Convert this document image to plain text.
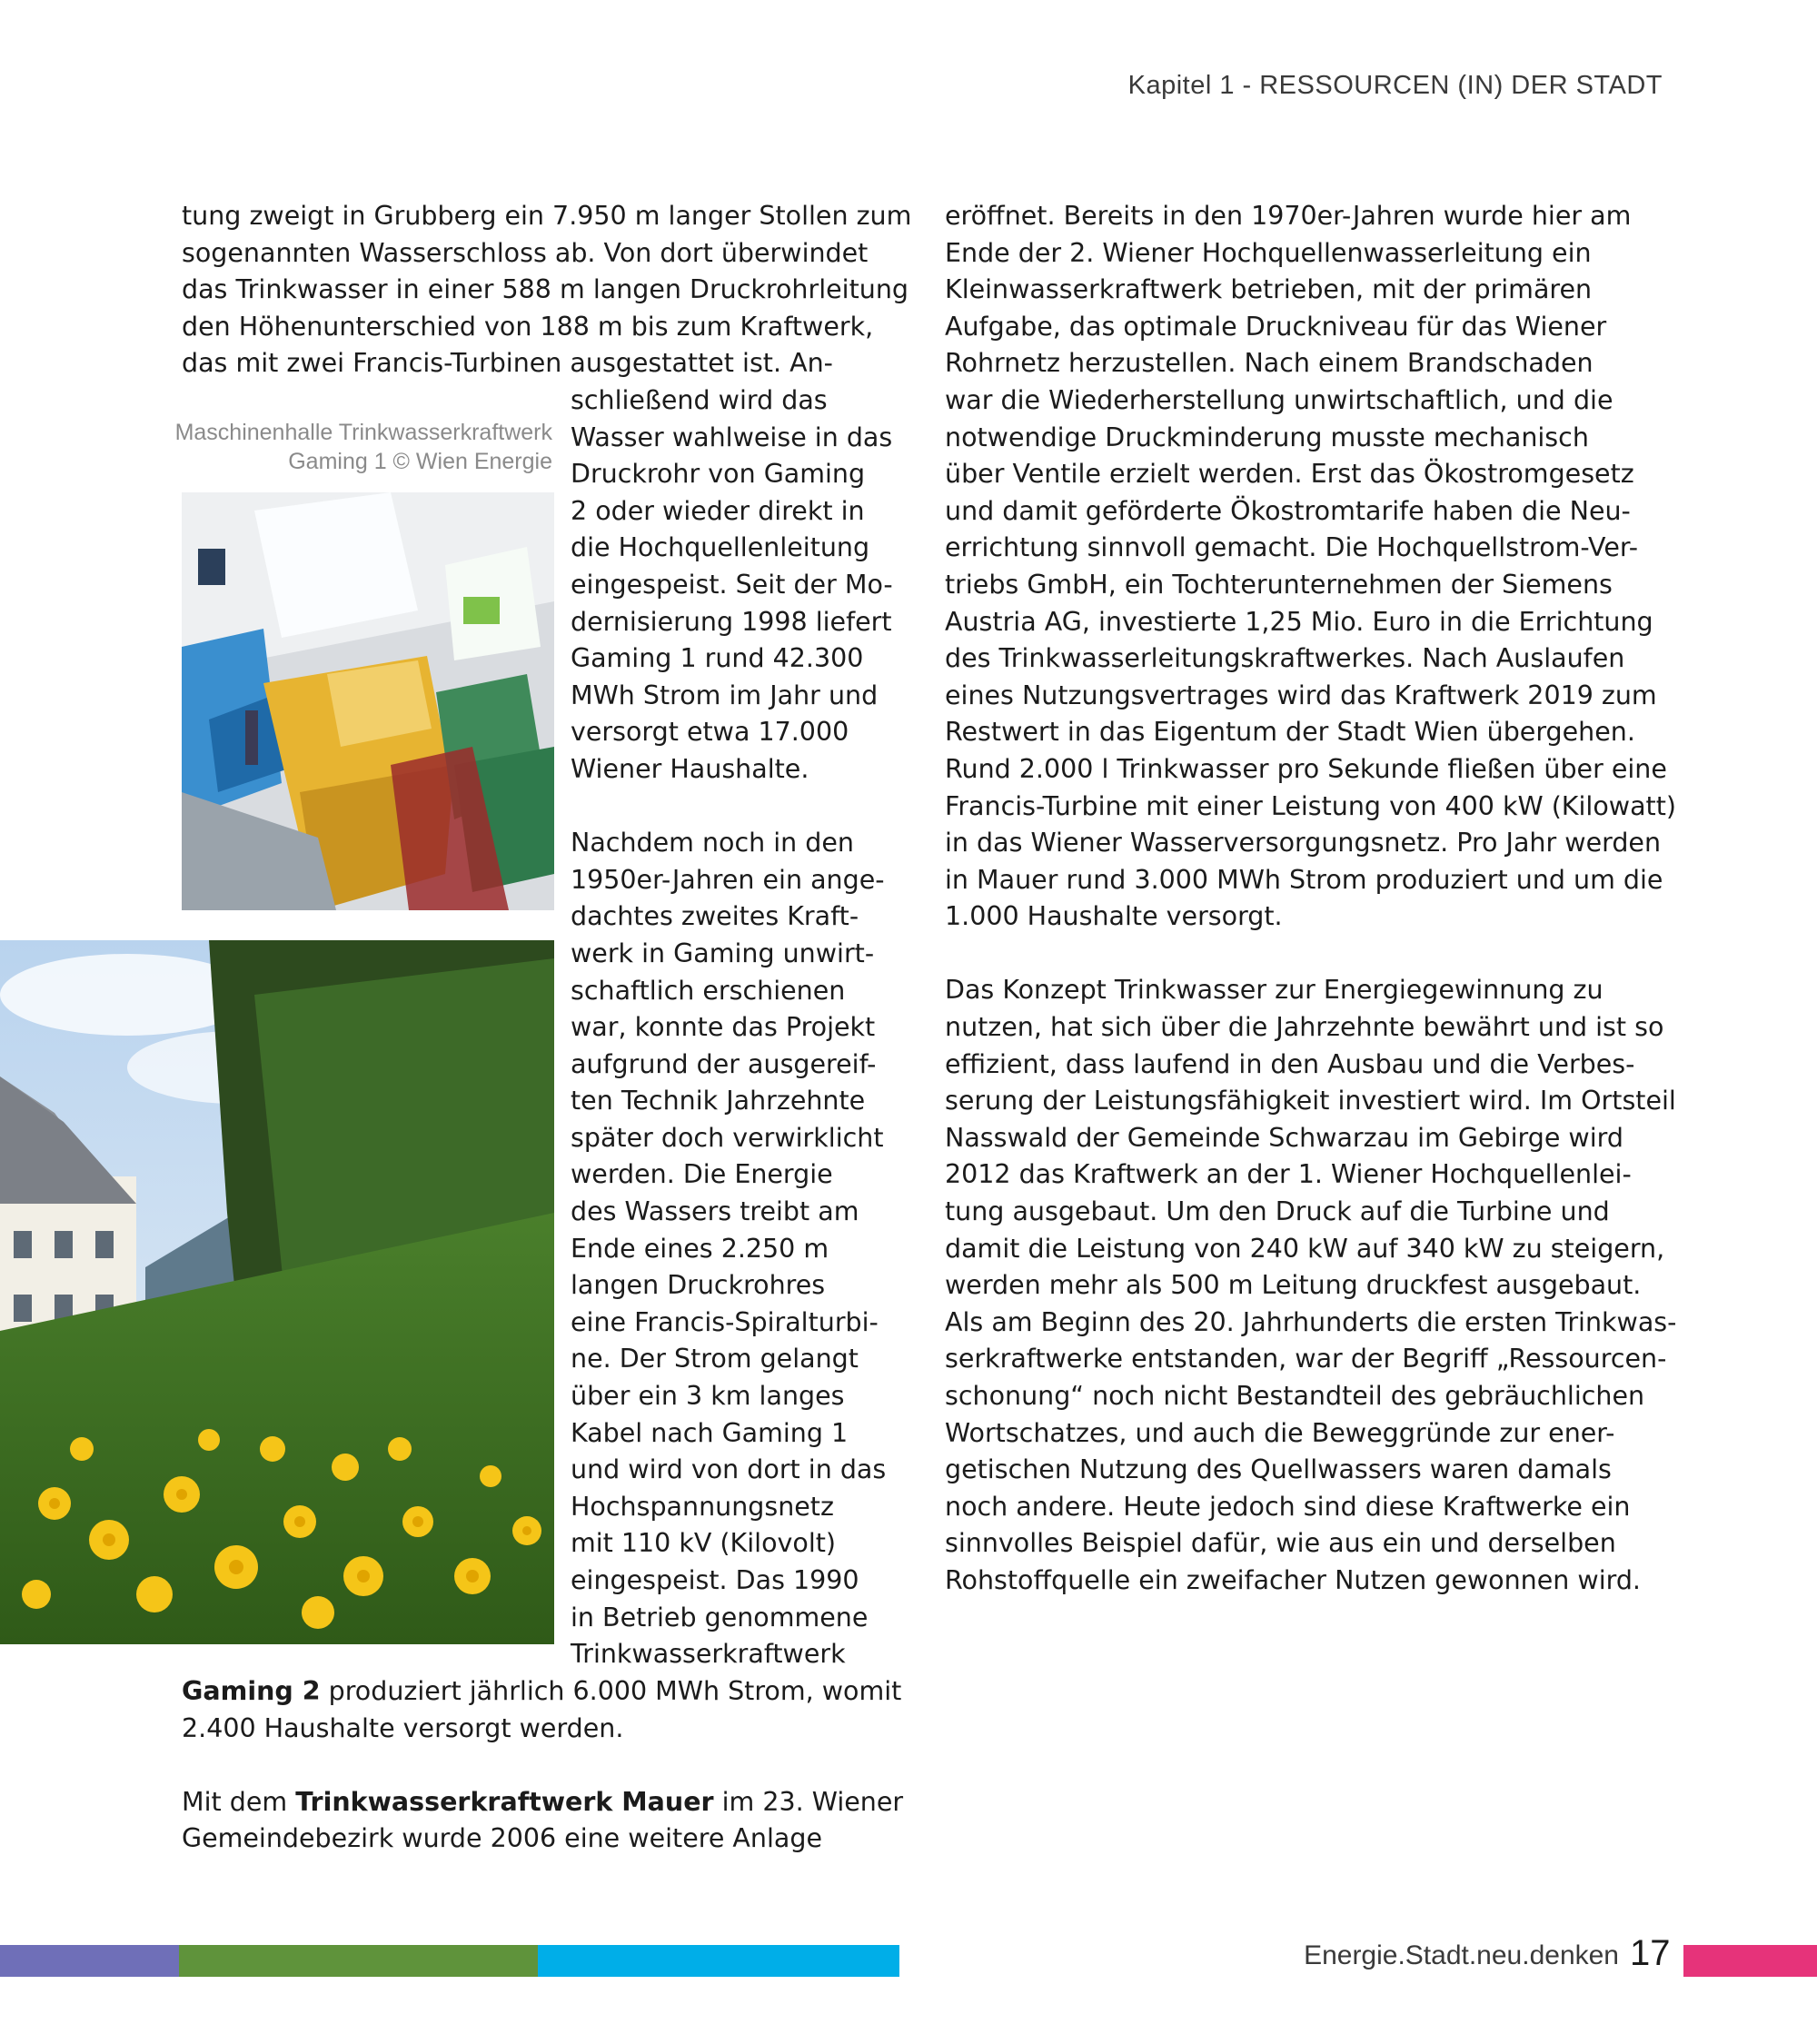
Kapitel 1 - RESSOURCEN (IN) DER STADT

tung zweigt in Grubberg ein 7.950 m langer Stollen zum

sogenannten Wasserschloss ab. Von dort überwindet

das Trinkwasser in einer 588 m langen Druckrohrleitung

den Höhenunterschied von 188 m bis zum Kraftwerk,

das mit zwei Francis-Turbinen ausgestattet ist. An-

Maschinenhalle Trinkwasserkraftwerk
Gaming 1 © Wien Energie

schließend wird das

Wasser wahlweise in das

Druckrohr von Gaming

2 oder wieder direkt in

die Hochquellenleitung

eingespeist. Seit der Mo-

dernisierung 1998 liefert

Gaming 1 rund 42.300

MWh Strom im Jahr und

versorgt etwa 17.000

Wiener Haushalte.

Nachdem noch in den

1950er-Jahren ein ange-

dachtes zweites Kraft-

werk in Gaming unwirt-

schaftlich erschienen

war, konnte das Projekt

aufgrund der ausgereif-

ten Technik Jahrzehnte

später doch verwirklicht

werden. Die Energie

des Wassers treibt am

Ende eines 2.250 m

langen Druckrohres

eine Francis-Spiralturbi-

ne. Der Strom gelangt

über ein 3 km langes

Kabel nach Gaming 1

und wird von dort in das

Hochspannungsnetz

mit 110 kV (Kilovolt)

eingespeist. Das 1990

in Betrieb genommene

Trinkwasserkraftwerk

Gaming 2 produziert jährlich 6.000 MWh Strom, womit

2.400 Haushalte versorgt werden.

Mit dem Trinkwasserkraftwerk Mauer im 23. Wiener

Gemeindebezirk wurde 2006 eine weitere Anlage

eröffnet. Bereits in den 1970er-Jahren wurde hier am

Ende der 2. Wiener Hochquellenwasserleitung ein

Kleinwasserkraftwerk betrieben, mit der primären

Aufgabe, das optimale Druckniveau für das Wiener

Rohrnetz herzustellen. Nach einem Brandschaden

war die Wiederherstellung unwirtschaftlich, und die

notwendige Druckminderung musste mechanisch

über Ventile erzielt werden. Erst das Ökostromgesetz

und damit geförderte Ökostromtarife haben die Neu-

errichtung sinnvoll gemacht. Die Hochquellstrom-Ver-

triebs GmbH, ein Tochterunternehmen der Siemens

Austria AG, investierte 1,25 Mio. Euro in die Errichtung

des Trinkwasserleitungskraftwerkes. Nach Auslaufen

eines Nutzungsvertrages wird das Kraftwerk 2019 zum

Restwert in das Eigentum der Stadt Wien übergehen.

Rund 2.000 l Trinkwasser pro Sekunde fließen über eine

Francis-Turbine mit einer Leistung von 400 kW (Kilowatt)

in das Wiener Wasserversorgungsnetz. Pro Jahr werden

in Mauer rund 3.000 MWh Strom produziert und um die

1.000 Haushalte versorgt.

Das Konzept Trinkwasser zur Energiegewinnung zu

nutzen, hat sich über die Jahrzehnte bewährt und ist so

effizient, dass laufend in den Ausbau und die Verbes-

serung der Leistungsfähigkeit investiert wird. Im Ortsteil

Nasswald der Gemeinde Schwarzau im Gebirge wird

2012 das Kraftwerk an der 1. Wiener Hochquellenlei-

tung ausgebaut. Um den Druck auf die Turbine und

damit die Leistung von 240 kW auf 340 kW zu steigern,

werden mehr als 500 m Leitung druckfest ausgebaut.

Als am Beginn des 20. Jahrhunderts die ersten Trinkwas-

serkraftwerke entstanden, war der Begriff „Ressourcen-

schonung“ noch nicht Bestandteil des gebräuchlichen

Wortschatzes, und auch die Beweggründe zur ener-

getischen Nutzung des Quellwassers waren damals

noch andere. Heute jedoch sind diese Kraftwerke ein

sinnvolles Beispiel dafür, wie aus ein und derselben

Rohstoffquelle ein zweifacher Nutzen gewonnen wird.

Energie.Stadt.neu.denken 17
